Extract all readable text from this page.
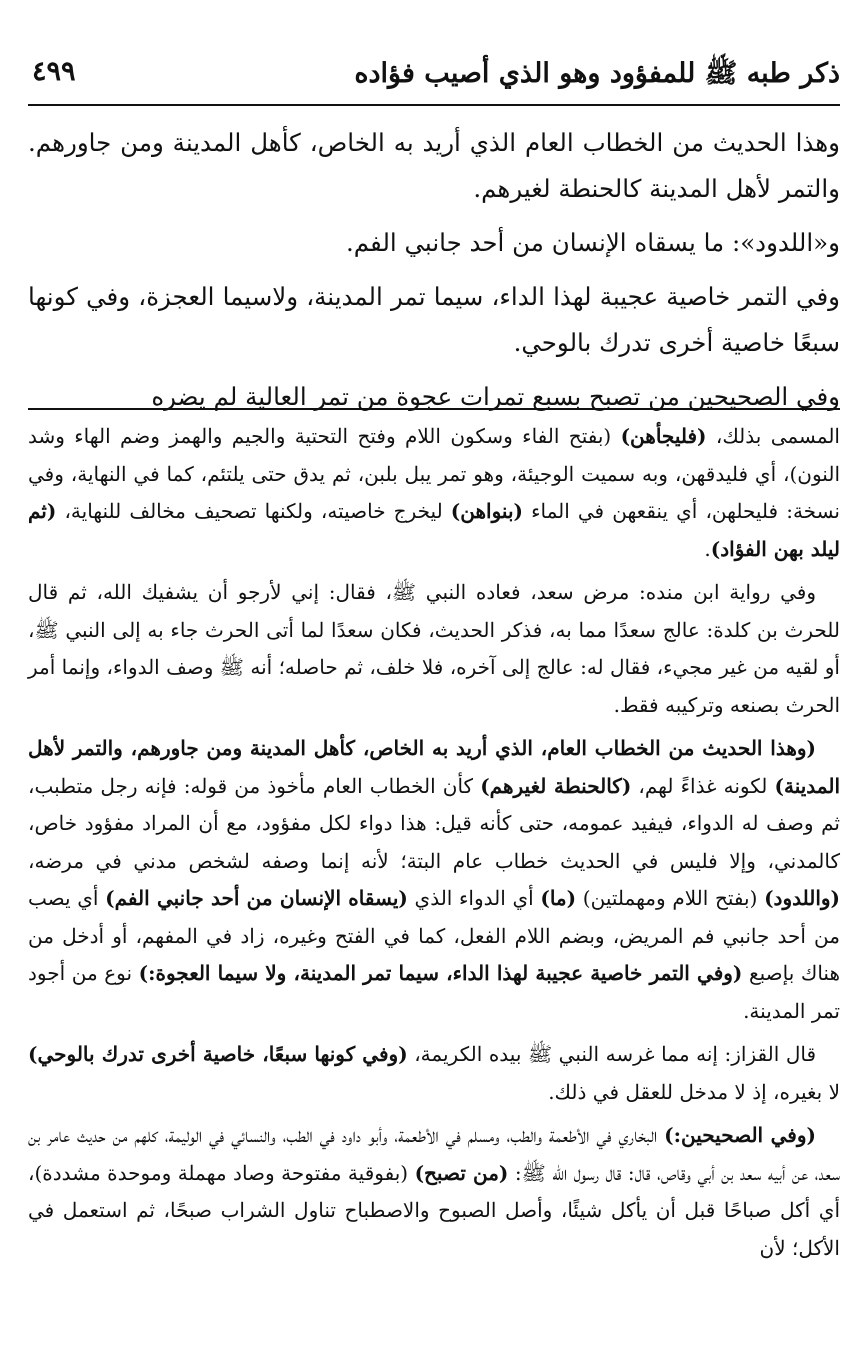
ذكر طبه ﷺ للمفؤود وهو الذي أصيب فؤاده
٤٩٩

وهذا الحديث من الخطاب العام الذي أريد به الخاص، كأهل المدينة ومن جاورهم. والتمر لأهل المدينة كالحنطة لغيرهم.

و«اللدود»: ما يسقاه الإنسان من أحد جانبي الفم.

وفي التمر خاصية عجيبة لهذا الداء، سيما تمر المدينة، ولاسيما العجزة، وفي كونها سبعًا خاصية أخرى تدرك بالوحي.

وفي الصحيحين من تصبح بسبع تمرات عجوة من تمر العالية لم يضره

المسمى بذلك، (فليجأهن) (بفتح الفاء وسكون اللام وفتح التحتية والجيم والهمز وضم الهاء وشد النون)، أي فليدقهن، وبه سميت الوجيئة، وهو تمر يبل بلبن، ثم يدق حتى يلتئم، كما في النهاية، وفي نسخة: فليحلهن، أي ينقعهن في الماء (بنواهن) ليخرج خاصيته، ولكنها تصحيف مخالف للنهاية، (ثم ليلد بهن الفؤاد).

وفي رواية ابن منده: مرض سعد، فعاده النبي ﷺ، فقال: إني لأرجو أن يشفيك الله، ثم قال للحرث بن كلدة: عالج سعدًا مما به، فذكر الحديث، فكان سعدًا لما أتى الحرث جاء به إلى النبي ﷺ، أو لقيه من غير مجيء، فقال له: عالج إلى آخره، فلا خلف، ثم حاصله؛ أنه ﷺ وصف الدواء، وإنما أمر الحرث بصنعه وتركيبه فقط.

(وهذا الحديث من الخطاب العام، الذي أريد به الخاص، كأهل المدينة ومن جاورهم، والتمر لأهل المدينة) لكونه غذاءً لهم، (كالحنطة لغيرهم) كأن الخطاب العام مأخوذ من قوله: فإنه رجل متطبب، ثم وصف له الدواء، فيفيد عمومه، حتى كأنه قيل: هذا دواء لكل مفؤود، مع أن المراد مفؤود خاص، كالمدني، وإلا فليس في الحديث خطاب عام البتة؛ لأنه إنما وصفه لشخص مدني في مرضه، (واللدود) (بفتح اللام ومهملتين) (ما) أي الدواء الذي (يسقاه الإنسان من أحد جانبي الفم) أي يصب من أحد جانبي فم المريض، وبضم اللام الفعل، كما في الفتح وغيره، زاد في المفهم، أو أدخل من هناك بإصبع (وفي التمر خاصية عجيبة لهذا الداء، سيما تمر المدينة، ولا سيما العجوة:) نوع من أجود تمر المدينة.

قال القزاز: إنه مما غرسه النبي ﷺ بيده الكريمة، (وفي كونها سبعًا، خاصية أخرى تدرك بالوحي) لا بغيره، إذ لا مدخل للعقل في ذلك.

(وفي الصحيحين:) البخاري في الأطعمة والطب، ومسلم في الأطعمة، وأبو داود في الطب، والنسائي في الوليمة، كلهم من حديث عامر بن سعد، عن أبيه سعد بن أبي وقاص، قال: قال رسول الله ﷺ: (من تصبح) (بفوقية مفتوحة وصاد مهملة وموحدة مشددة)، أي أكل صباحًا قبل أن يأكل شيئًا، وأصل الصبوح والاصطباح تناول الشراب صبحًا، ثم استعمل في الأكل؛ لأن
